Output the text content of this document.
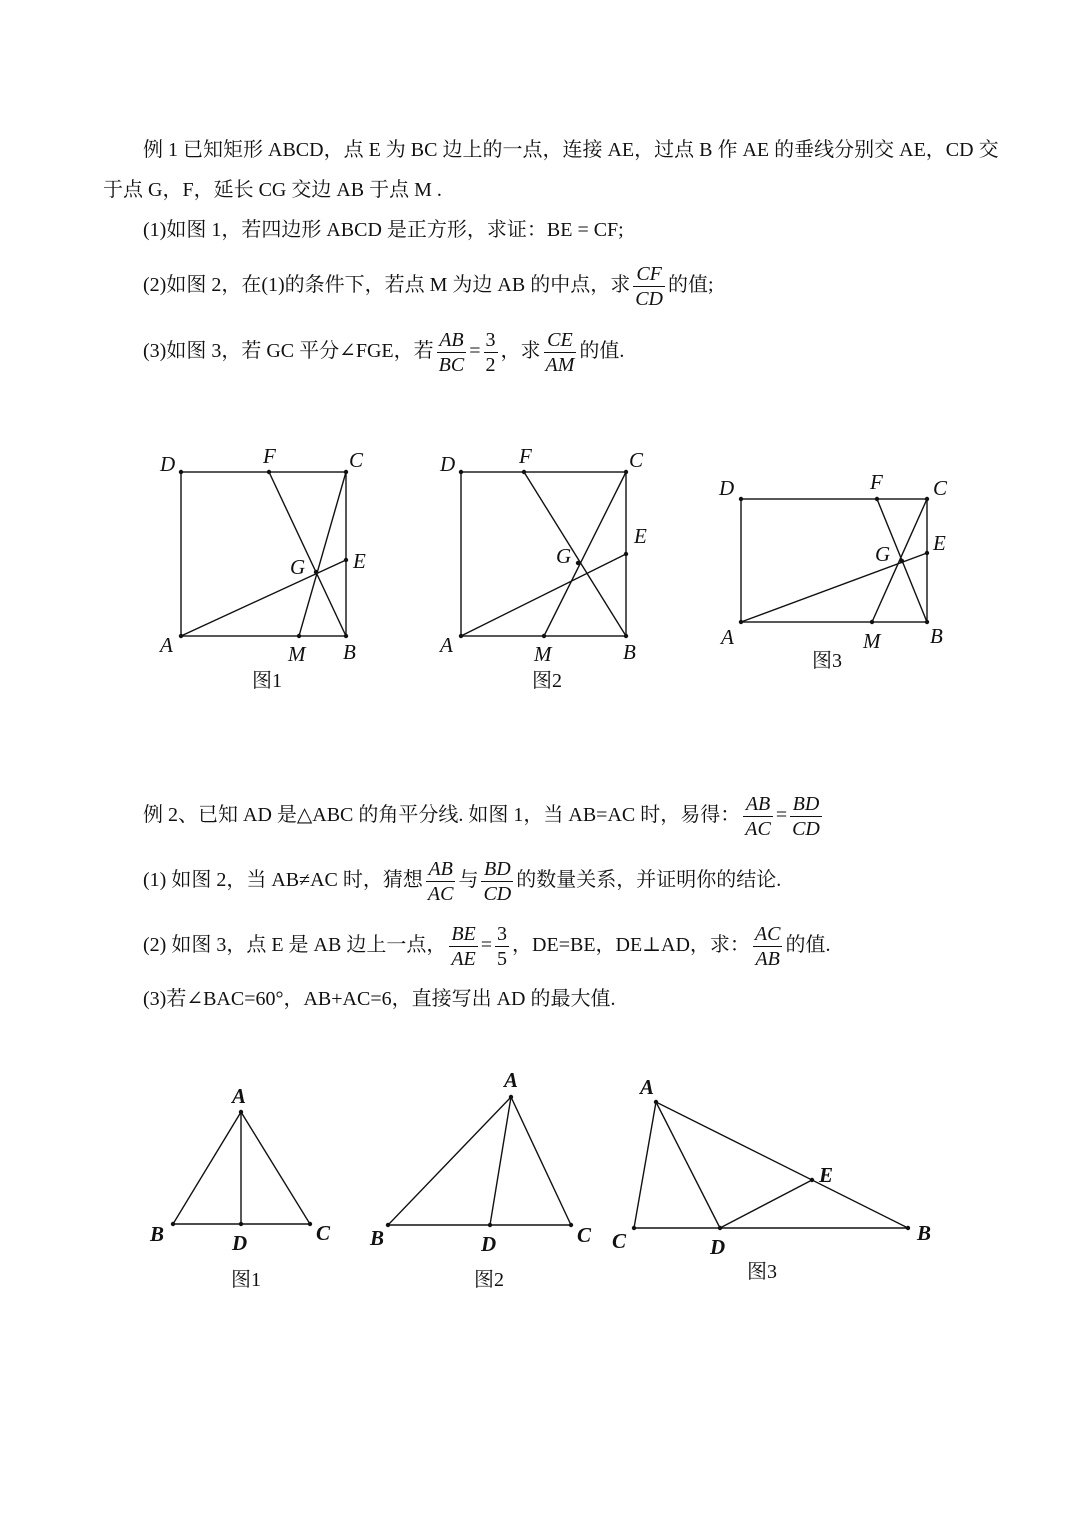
例 1 已知矩形 ABCD，点 E 为 BC 边上的一点，连接 AE，过点 B 作 AE 的垂线分别交 AE，CD 交
于点 G，F，延长 CG 交边 AB 于点 M .
(1)如图 1，若四边形 ABCD 是正方形，求证：BE = CF;
(2)如图 2，在(1)的条件下，若点 M 为边 AB 的中点，求 $\frac{CF}{CD}$ 的值;
(3)如图 3，若 GC 平分∠FGE，若 $\frac{AB}{BC} = \frac{3}{2}$ ，求 $\frac{CE}{AM}$ 的值.
D	F	C
G E
A	M B
图1
D	F	C
G
E
A	M	B
图2
D	F C
G E
A	M B
图3
例 2、已知 AD 是△ABC 的角平分线. 如图 1，当 AB=AC 时，易得： $\frac{AB}{AC} = \frac{BD}{CD}$
(1) 如图 2，当 AB≠AC 时，猜想 $\frac{AB}{AC}$ 与 $\frac{BD}{CD}$ 的数量关系，并证明你的结论.
(2) 如图 3，点 E 是 AB 边上一点， $\frac{BE}{AE} = \frac{3}{5}$ ，DE=BE，DE⊥AD，求： $\frac{AC}{AB}$ 的值.
(3)若∠BAC=60°，AB+AC=6，直接写出 AD 的最大值.
A
B	D	C
图1
A
B	D	C
图2
A
C	D
E
B
图3
